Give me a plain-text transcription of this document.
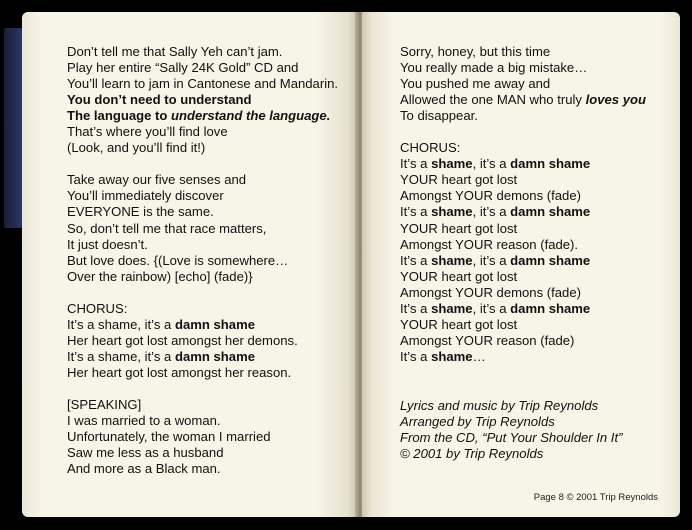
Don’t tell me that Sally Yeh can’t jam.
Play her entire “Sally 24K Gold” CD and
You’ll learn to jam in Cantonese and Mandarin.
You don’t need to understand
The language to understand the language.
That’s where you’ll find love
(Look, and you’ll find it!)
Take away our five senses and
You’ll immediately discover
EVERYONE is the same.
So, don’t tell me that race matters,
It just doesn’t.
But love does. {(Love is somewhere…
Over the rainbow) [echo] (fade)}
CHORUS:
It’s a shame, it’s a damn shame
Her heart got lost amongst her demons.
It’s a shame, it’s a damn shame
Her heart got lost amongst her reason.
[SPEAKING]
I was married to a woman.
Unfortunately, the woman I married
Saw me less as a husband
And more as a Black man.
Sorry, honey, but this time
You really made a big mistake…
You pushed me away and
Allowed the one MAN who truly loves you
To disappear.
CHORUS:
It’s a shame, it’s a damn shame
YOUR heart got lost
Amongst YOUR demons (fade)
It’s a shame, it’s a damn shame
YOUR heart got lost
Amongst YOUR reason (fade).
It’s a shame, it’s a damn shame
YOUR heart got lost
Amongst YOUR demons (fade)
It’s a shame, it’s a damn shame
YOUR heart got lost
Amongst YOUR reason (fade)
It’s a shame…
Lyrics and music by Trip Reynolds
Arranged by Trip Reynolds
From the CD, “Put Your Shoulder In It”
© 2001 by Trip Reynolds
Page 8 © 2001 Trip Reynolds
